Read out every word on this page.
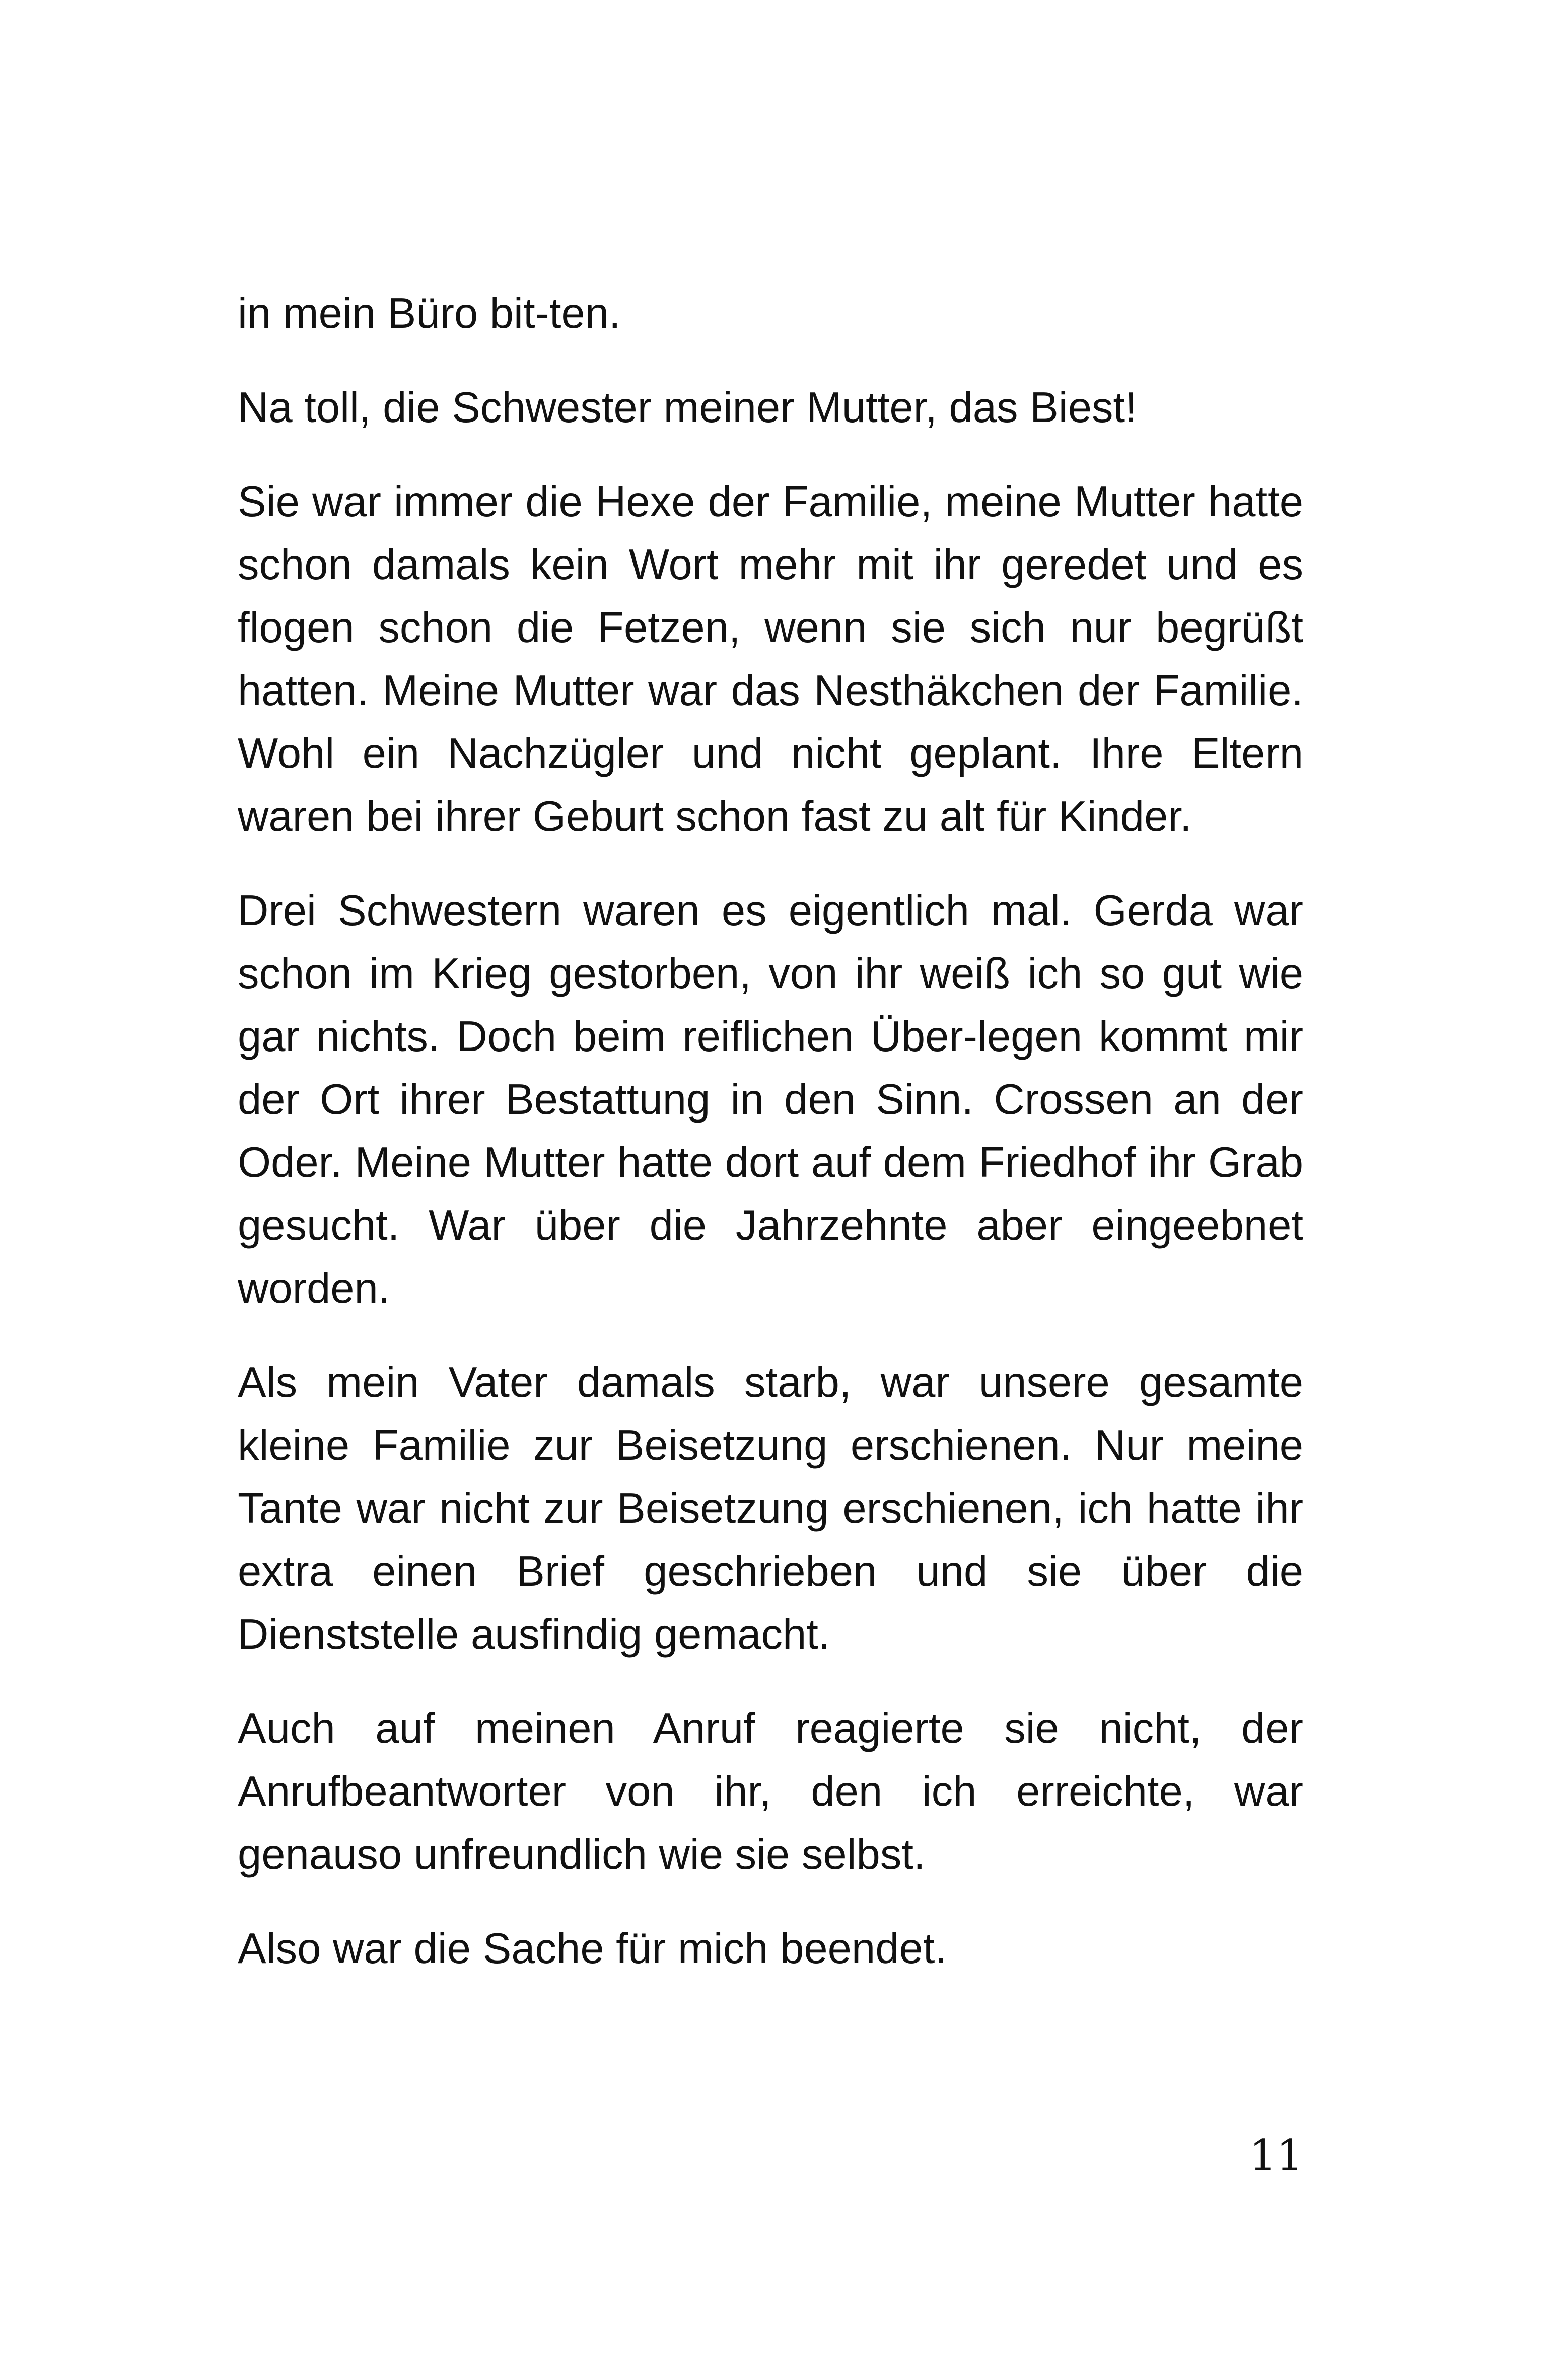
in mein Büro bit-ten.

Na toll, die Schwester meiner Mutter, das Biest!

Sie war immer die Hexe der Familie, meine Mutter hatte schon damals kein Wort mehr mit ihr geredet und es flogen schon die Fetzen, wenn sie sich nur begrüßt hatten. Meine Mutter war das Nesthäkchen der Familie. Wohl ein Nachzügler und nicht geplant. Ihre Eltern waren bei ihrer Geburt schon fast zu alt für Kinder.

Drei Schwestern waren es eigentlich mal. Gerda war schon im Krieg gestorben, von ihr weiß ich so gut wie gar nichts. Doch beim reiflichen Über-legen kommt mir der Ort ihrer Bestattung in den Sinn. Crossen an der Oder. Meine Mutter hatte dort auf dem Friedhof ihr Grab gesucht. War über die Jahrzehnte aber eingeebnet worden.

Als mein Vater damals starb, war unsere gesamte kleine Familie zur Beisetzung erschienen. Nur meine Tante war nicht zur Beisetzung erschienen, ich hatte ihr extra einen Brief geschrieben und sie über die Dienststelle ausfindig gemacht.

Auch auf meinen Anruf reagierte sie nicht, der Anrufbeantworter von ihr, den ich erreichte, war genauso unfreundlich wie sie selbst.

Also war die Sache für mich beendet.

11
